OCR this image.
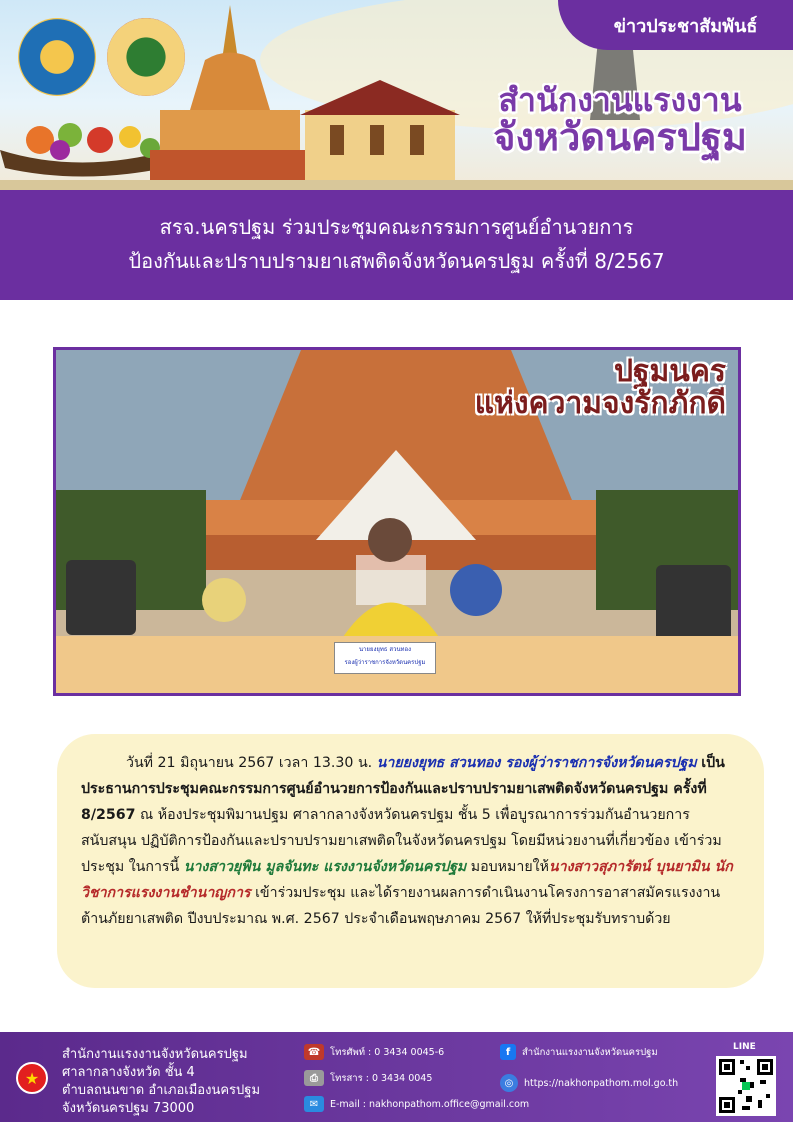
ข่าวประชาสัมพันธ์
สำนักงานแรงงาน
จังหวัดนครปฐม
สรจ.นครปฐม ร่วมประชุมคณะกรรมการศูนย์อำนวยการ
ป้องกันและปราบปรามยาเสพติดจังหวัดนครปฐม ครั้งที่ 8/2567
ปฐมนคร
แห่งความจงรักภักดี
นายยงยุทธ สวนทอง
รองผู้ว่าราชการจังหวัดนครปฐม

วันที่ 21 มิถุนายน 2567 เวลา 13.30 น. นายยงยุทธ สวนทอง รองผู้ว่าราชการจังหวัดนครปฐม เป็นประธานการประชุมคณะกรรมการศูนย์อำนวยการป้องกันและปราบปรามยาเสพติดจังหวัดนครปฐม ครั้งที่ 8/2567 ณ ห้องประชุมพิมานปฐม ศาลากลางจังหวัดนครปฐม ชั้น 5 เพื่อบูรณาการร่วมกันอำนวยการ สนับสนุน ปฏิบัติการป้องกันและปราบปรามยาเสพติดในจังหวัดนครปฐม โดยมีหน่วยงานที่เกี่ยวข้อง เข้าร่วมประชุม ในการนี้ นางสาวยุพิน มูลจันทะ แรงงานจังหวัดนครปฐม มอบหมายให้นางสาวสุภารัตน์ บุนยามิน นักวิชาการแรงงานชำนาญการ เข้าร่วมประชุม และได้รายงานผลการดำเนินงานโครงการอาสาสมัครแรงงานต้านภัยยาเสพติด ปีงบประมาณ พ.ศ. 2567 ประจำเดือนพฤษภาคม 2567 ให้ที่ประชุมรับทราบด้วย

★
สำนักงานแรงงานจังหวัดนครปฐม
ศาลากลางจังหวัด ชั้น 4
ตำบลถนนขาด อำเภอเมืองนครปฐม
จังหวัดนครปฐม 73000
☎	โทรศัพท์ : 0 3434 0045-6
⎙	โทรสาร : 0 3434 0045
✉	E-mail : nakhonpathom.office@gmail.com
f	สำนักงานแรงงานจังหวัดนครปฐม
◎	https://nakhonpathom.mol.go.th
LINE
